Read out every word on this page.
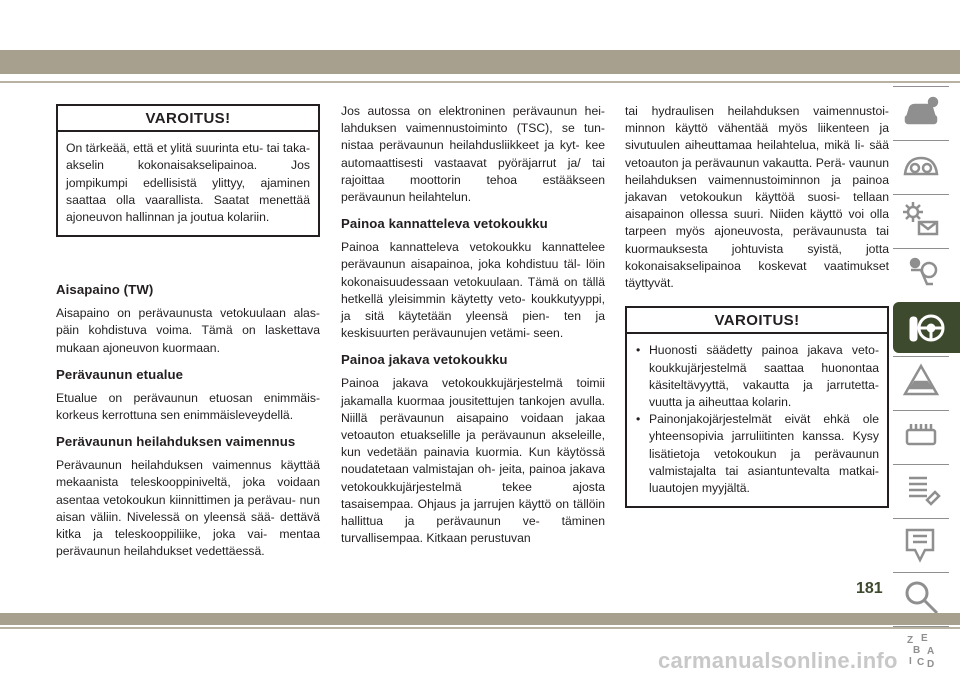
VAROITUS!
On tärkeää, että et ylitä suurinta etu- tai taka-akselin kokonaisakselipainoa. Jos jompikumpi edellisistä ylittyy, ajaminen saattaa olla vaarallista. Saatat menettää ajoneuvon hallinnan ja joutua kolariin.
Aisapaino (TW)

Aisapaino on perävaunusta vetokuulaan alas- päin kohdistuva voima. Tämä on laskettava mukaan ajoneuvon kuormaan.

Perävaunun etualue

Etualue on perävaunun etuosan enimmäis- korkeus kerrottuna sen enimmäisleveydellä.

Perävaunun heilahduksen vaimennus

Perävaunun heilahduksen vaimennus käyttää mekaanista teleskooppiniveltä, joka voidaan asentaa vetokoukun kiinnittimen ja perävau- nun aisan väliin. Nivelessä on yleensä sää- dettävä kitka ja teleskooppiliike, joka vai- mentaa perävaunun heilahdukset vedettäessä.

Jos autossa on elektroninen perävaunun hei- lahduksen vaimennustoiminto (TSC), se tun- nistaa perävaunun heilahdusliikkeet ja kyt- kee automaattisesti vastaavat pyöräjarrut ja/ tai rajoittaa moottorin tehoa estääkseen perävaunun heilahtelun.

Painoa kannatteleva vetokoukku

Painoa kannatteleva vetokoukku kannattelee perävaunun aisapainoa, joka kohdistuu täl- löin kokonaisuudessaan vetokuulaan. Tämä on tällä hetkellä yleisimmin käytetty veto- koukkutyyppi, ja sitä käytetään yleensä pien- ten ja keskisuurten perävaunujen vetämi- seen.

Painoa jakava vetokoukku

Painoa jakava vetokoukkujärjestelmä toimii jakamalla kuormaa jousitettujen tankojen avulla. Niillä perävaunun aisapaino voidaan jakaa vetoauton etuakselille ja perävaunun akseleille, kun vedetään painavia kuormia. Kun käytössä noudatetaan valmistajan oh- jeita, painoa jakava vetokoukkujärjestelmä tekee ajosta tasaisempaa. Ohjaus ja jarrujen käyttö on tällöin hallittua ja perävaunun ve- täminen turvallisempaa. Kitkaan perustuvan

tai hydraulisen heilahduksen vaimennustoi- minnon käyttö vähentää myös liikenteen ja sivutuulen aiheuttamaa heilahtelua, mikä li- sää vetoauton ja perävaunun vakautta. Perä- vaunun heilahduksen vaimennustoiminnon ja painoa jakavan vetokoukun käyttöä suosi- tellaan aisapainon ollessa suuri. Niiden käyttö voi olla tarpeen myös ajoneuvosta, perävaunusta tai kuormauksesta johtuvista syistä, jotta kokonaisakselipainoa koskevat vaatimukset täyttyvät.

VAROITUS!
• Huonosti säädetty painoa jakava veto- koukkujärjestelmä saattaa huonontaa käsiteltävyyttä, vakautta ja jarrutetta- vuutta ja aiheuttaa kolarin.
• Painonjakojärjestelmät eivät ehkä ole yhteensopivia jarruliitinten kanssa. Kysy lisätietoja vetokoukun ja perävaunun valmistajalta tai asiantuntevalta matkai- luautojen myyjältä.
Z E
B A
I C D
181
carmanualsonline.info
